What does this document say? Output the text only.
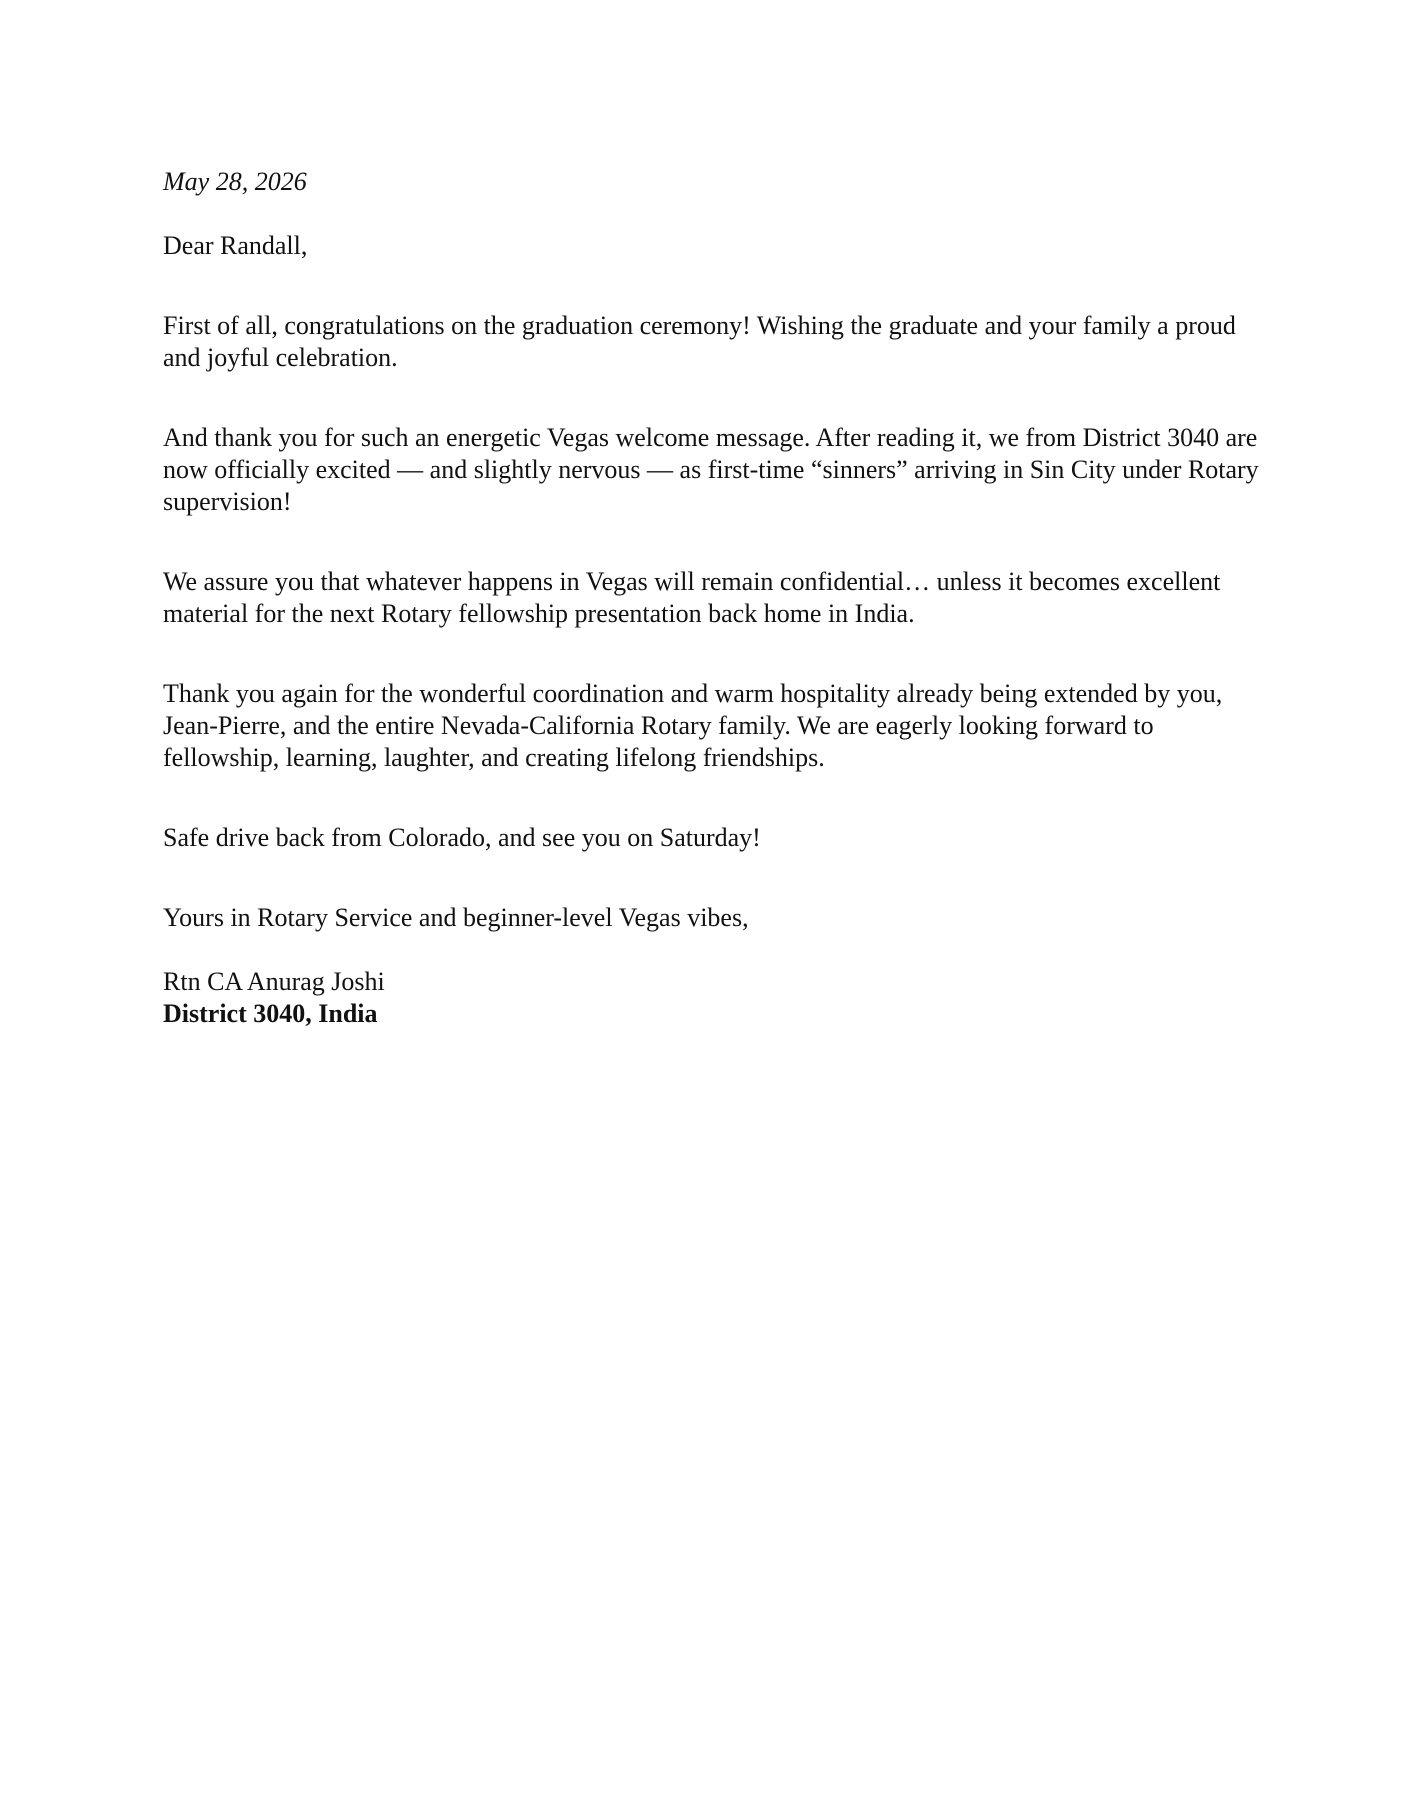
May 28, 2026

Dear Randall,

First of all, congratulations on the graduation ceremony! Wishing the graduate and your family a proud and joyful celebration.

And thank you for such an energetic Vegas welcome message. After reading it, we from District 3040 are now officially excited — and slightly nervous — as first-time “sinners” arriving in Sin City under Rotary supervision!

We assure you that whatever happens in Vegas will remain confidential… unless it becomes excellent material for the next Rotary fellowship presentation back home in India.

Thank you again for the wonderful coordination and warm hospitality already being extended by you, Jean-Pierre, and the entire Nevada-California Rotary family. We are eagerly looking forward to fellowship, learning, laughter, and creating lifelong friendships.

Safe drive back from Colorado, and see you on Saturday!

Yours in Rotary Service and beginner-level Vegas vibes,

Rtn CA Anurag Joshi

District 3040, India
